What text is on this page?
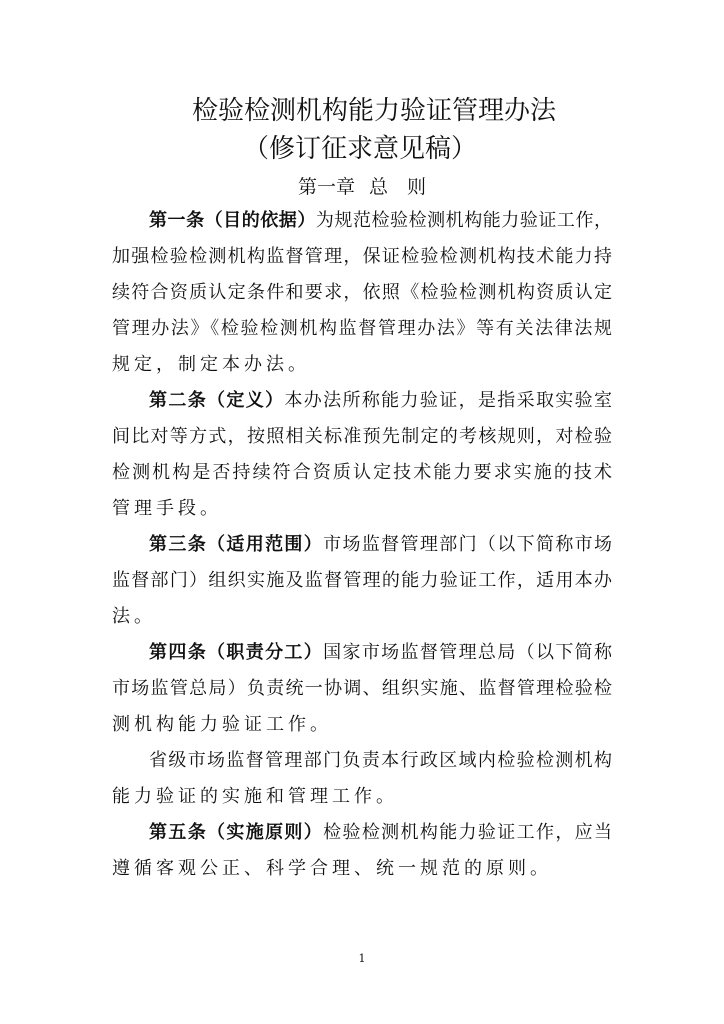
检验检测机构能力验证管理办法
（修订征求意见稿）
第一章 总　则
第一条（目的依据）为规范检验检测机构能力验证工作，
加强检验检测机构监督管理，保证检验检测机构技术能力持
续符合资质认定条件和要求，依照《检验检测机构资质认定
管理办法》《检验检测机构监督管理办法》等有关法律法规
规定，制定本办法。
第二条（定义）本办法所称能力验证，是指采取实验室
间比对等方式，按照相关标准预先制定的考核规则，对检验
检测机构是否持续符合资质认定技术能力要求实施的技术
管理手段。
第三条（适用范围）市场监督管理部门（以下简称市场
监督部门）组织实施及监督管理的能力验证工作，适用本办
法。
第四条（职责分工）国家市场监督管理总局（以下简称
市场监管总局）负责统一协调、组织实施、监督管理检验检
测机构能力验证工作。
省级市场监督管理部门负责本行政区域内检验检测机构
能力验证的实施和管理工作。
第五条（实施原则）检验检测机构能力验证工作，应当
遵循客观公正、科学合理、统一规范的原则。
1
